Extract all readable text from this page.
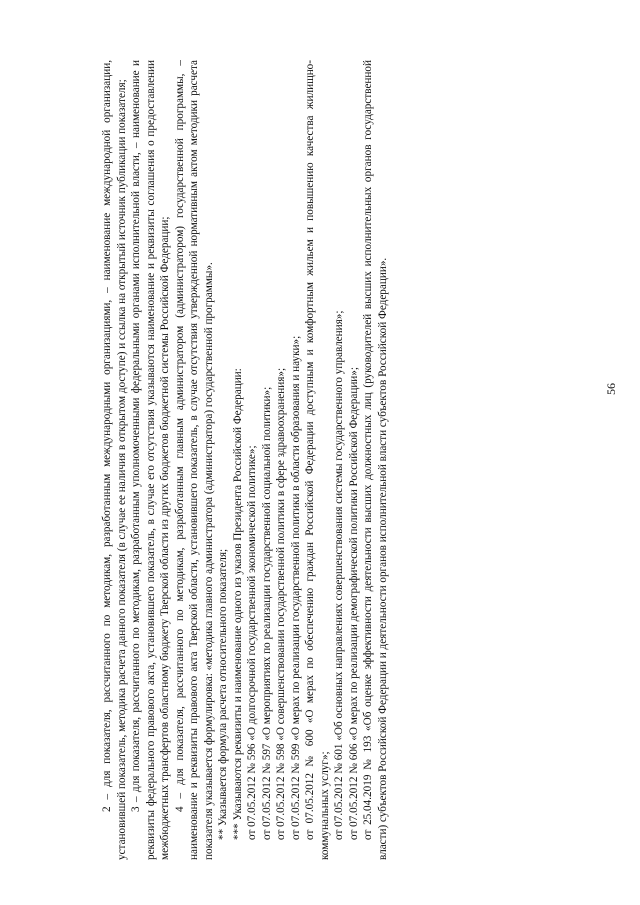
56

2 – для показателя, рассчитанного по методикам, разработанным международными организациями, – наименование международной организации, установившей показатель, методика расчета данного показателя (в случае ее наличия в открытом доступе) и ссылка на открытый источник публикации показателя; 3 – для показателя, рассчитанного по методикам, разработанным уполномоченными федеральными органами исполнительной власти, – наименование и реквизиты федерального правового акта, установившего показатель, в случае его отсутствия указываются наименование и реквизиты соглашения о предоставлении межбюджетных трансфертов областному бюджету Тверской области из других бюджетов бюджетной системы Российской Федерации; 4 – для показателя, рассчитанного по методикам, разработанным главным администратором (администратором) государственной программы, – наименование и реквизиты правового акта Тверской области, установившего показатель, в случае отсутствия утвержденной нормативным актом методики расчета показателя указывается формулировка: «методика главного администратора (администратора) государственной программы». ** Указывается формула расчета относительного показателя; *** Указываются реквизиты и наименование одного из указов Президента Российской Федерации: от 07.05.2012 № 596 «О долгосрочной государственной экономической политике»; от 07.05.2012 № 597 «О мероприятиях по реализации государственной социальной политики»; от 07.05.2012 № 598 «О совершенствовании государственной политики в сфере здравоохранения»; от 07.05.2012 № 599 «О мерах по реализации государственной политики в области образования и науки»; от 07.05.2012 № 600 «О мерах по обеспечению граждан Российской Федерации доступным и комфортным жильем и повышению качества жилищно-коммунальных услуг»; от 07.05.2012 № 601 «Об основных направлениях совершенствования системы государственного управления»; от 07.05.2012 № 606 «О мерах по реализации демографической политики Российской Федерации»; от 25.04.2019 № 193 «Об оценке эффективности деятельности высших должностных лиц (руководителей высших исполнительных органов государственной власти) субъектов Российской Федерации и деятельности органов исполнительной власти субъектов Российской Федерации».
